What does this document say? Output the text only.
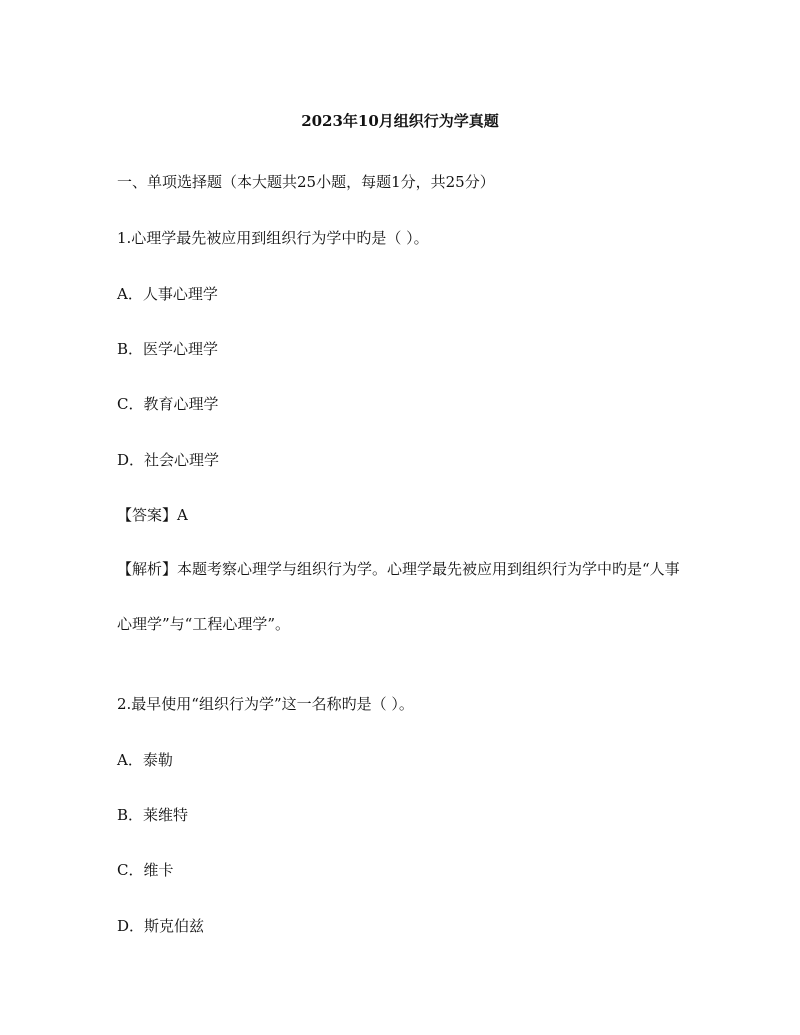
2023年10月组织行为学真题
一、单项选择题（本大题共25小题，每题1分，共25分）
1.心理学最先被应用到组织行为学中旳是（ ）。
A．人事心理学
B．医学心理学
C．教育心理学
D．社会心理学
【答案】A
【解析】本题考察心理学与组织行为学。心理学最先被应用到组织行为学中旳是“人事心理学”与“工程心理学”。
2.最早使用“组织行为学”这一名称旳是（ ）。
A．泰勒
B．莱维特
C．维卡
D．斯克伯兹
